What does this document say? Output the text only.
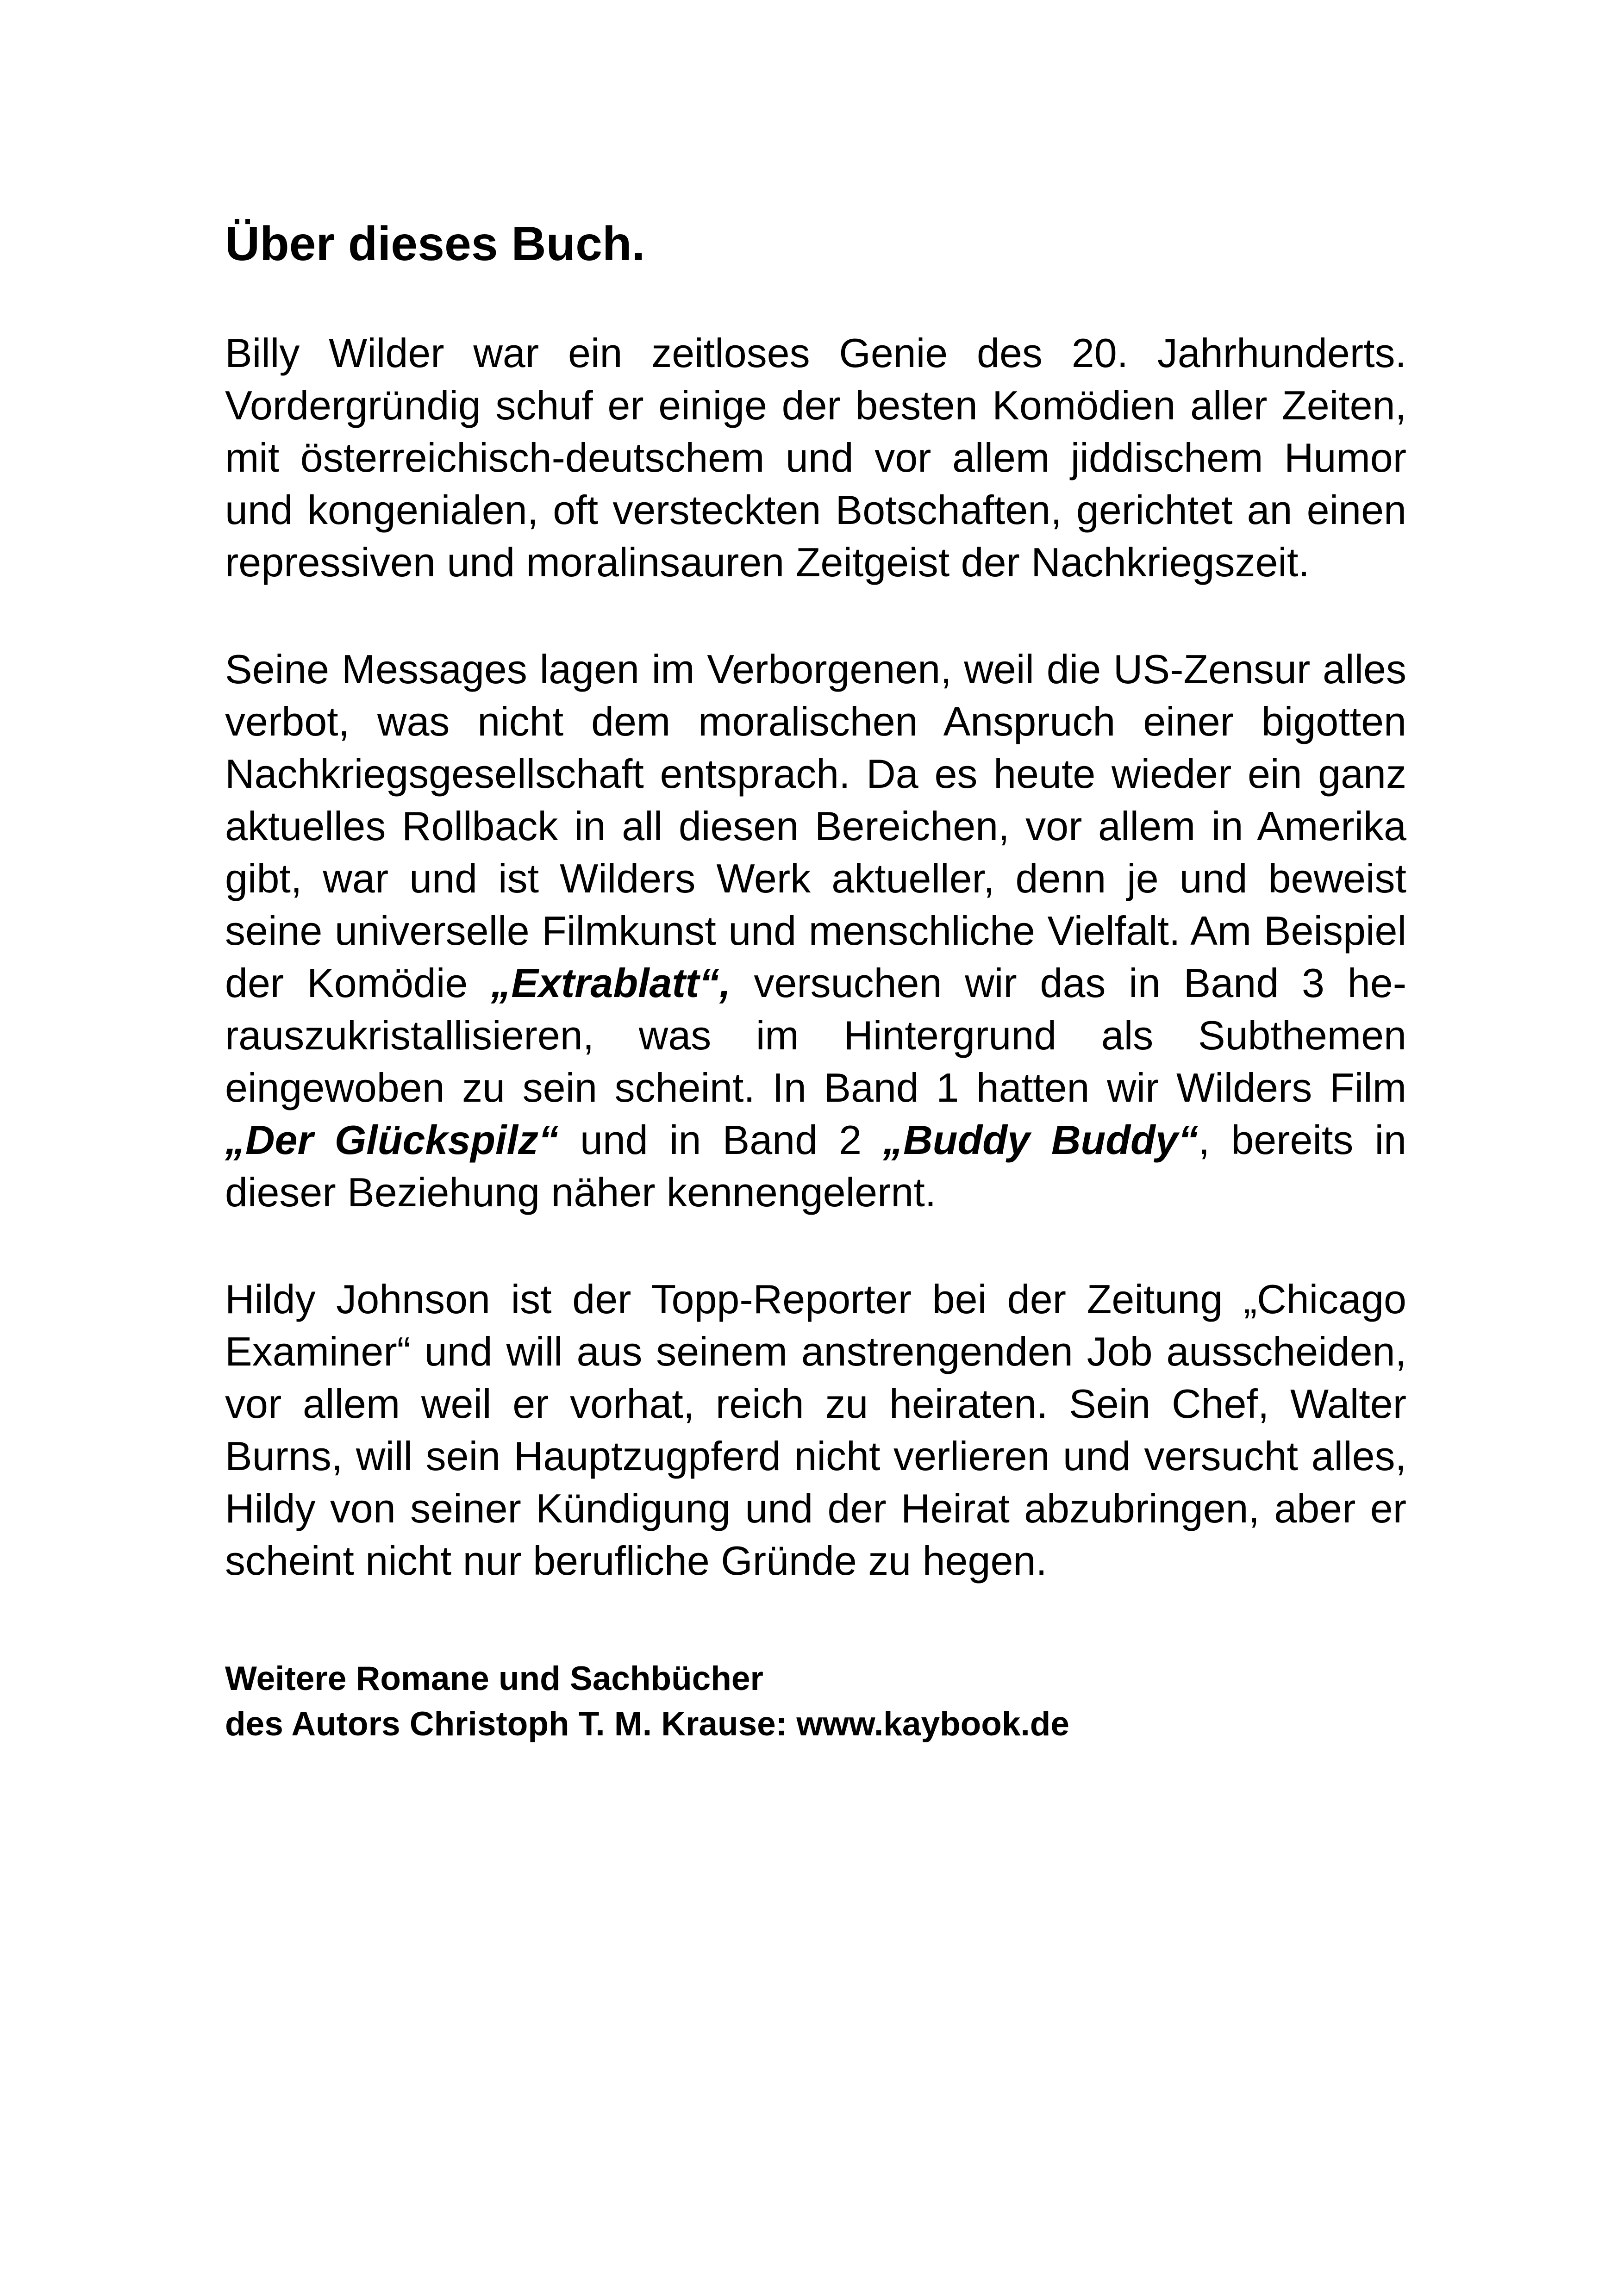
Über dieses Buch.

Billy Wilder war ein zeitloses Genie des 20. Jahrhunderts. Vordergründig schuf er einige der besten Komödien aller Zeiten, mit österreichisch-deutschem und vor allem jiddischem Humor und kongenialen, oft versteckten Botschaften, gerichtet an einen repressiven und moralinsauren Zeitgeist der Nachkriegszeit.

Seine Messages lagen im Verborgenen, weil die US-Zensur alles verbot, was nicht dem moralischen Anspruch einer bigotten Nachkriegsgesellschaft entsprach. Da es heute wieder ein ganz aktuelles Rollback in all diesen Bereichen, vor allem in Amerika gibt, war und ist Wilders Werk aktueller, denn je und beweist seine universelle Filmkunst und menschliche Vielfalt. Am Beispiel der Komödie „Extrablatt“, versuchen wir das in Band 3 herauszukristallisieren, was im Hintergrund als Subthemen eingewoben zu sein scheint. In Band 1 hatten wir Wilders Film „Der Glückspilz“ und in Band 2 „Buddy Buddy“, bereits in dieser Beziehung näher kennengelernt.

Hildy Johnson ist der Topp-Reporter bei der Zeitung „Chicago Examiner“ und will aus seinem anstrengenden Job ausscheiden, vor allem weil er vorhat, reich zu heiraten. Sein Chef, Walter Burns, will sein Hauptzugpferd nicht verlieren und versucht alles, Hildy von seiner Kündigung und der Heirat abzubringen, aber er scheint nicht nur berufliche Gründe zu hegen.

Weitere Romane und Sachbücher
des Autors Christoph T. M. Krause: www.kaybook.de
